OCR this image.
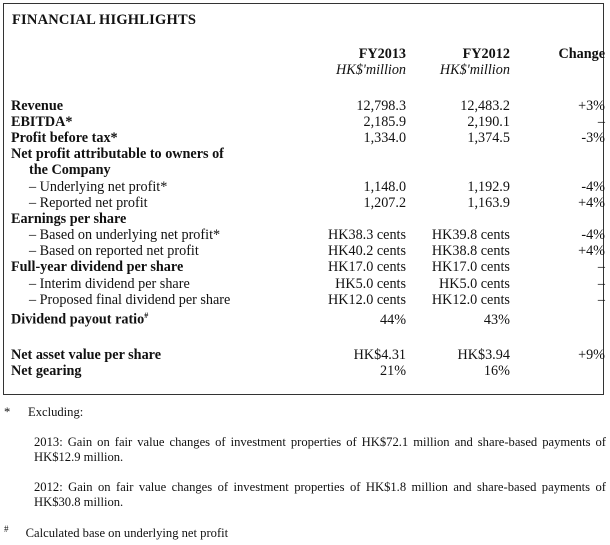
FINANCIAL HIGHLIGHTS
	FY2013	FY2012	Change
	HK$'million	HK$'million	

Revenue	12,798.3	12,483.2	+3%
EBITDA*	2,185.9	2,190.1	–
Profit before tax*	1,334.0	1,374.5	-3%
Net profit attributable to owners of			
the Company			
– Underlying net profit*	1,148.0	1,192.9	-4%
– Reported net profit	1,207.2	1,163.9	+4%
Earnings per share			
– Based on underlying net profit*	HK38.3 cents	HK39.8 cents	-4%
– Based on reported net profit	HK40.2 cents	HK38.8 cents	+4%
Full-year dividend per share	HK17.0 cents	HK17.0 cents	–
– Interim dividend per share	HK5.0 cents	HK5.0 cents	–
– Proposed final dividend per share	HK12.0 cents	HK12.0 cents	–
Dividend payout ratio#	44%	43%	

Net asset value per share	HK$4.31	HK$3.94	+9%
Net gearing	21%	16%	
* Excluding:
2013: Gain on fair value changes of investment properties of HK$72.1 million and share-based payments of HK$12.9 million.
2012: Gain on fair value changes of investment properties of HK$1.8 million and share-based payments of HK$30.8 million.
# Calculated base on underlying net profit
